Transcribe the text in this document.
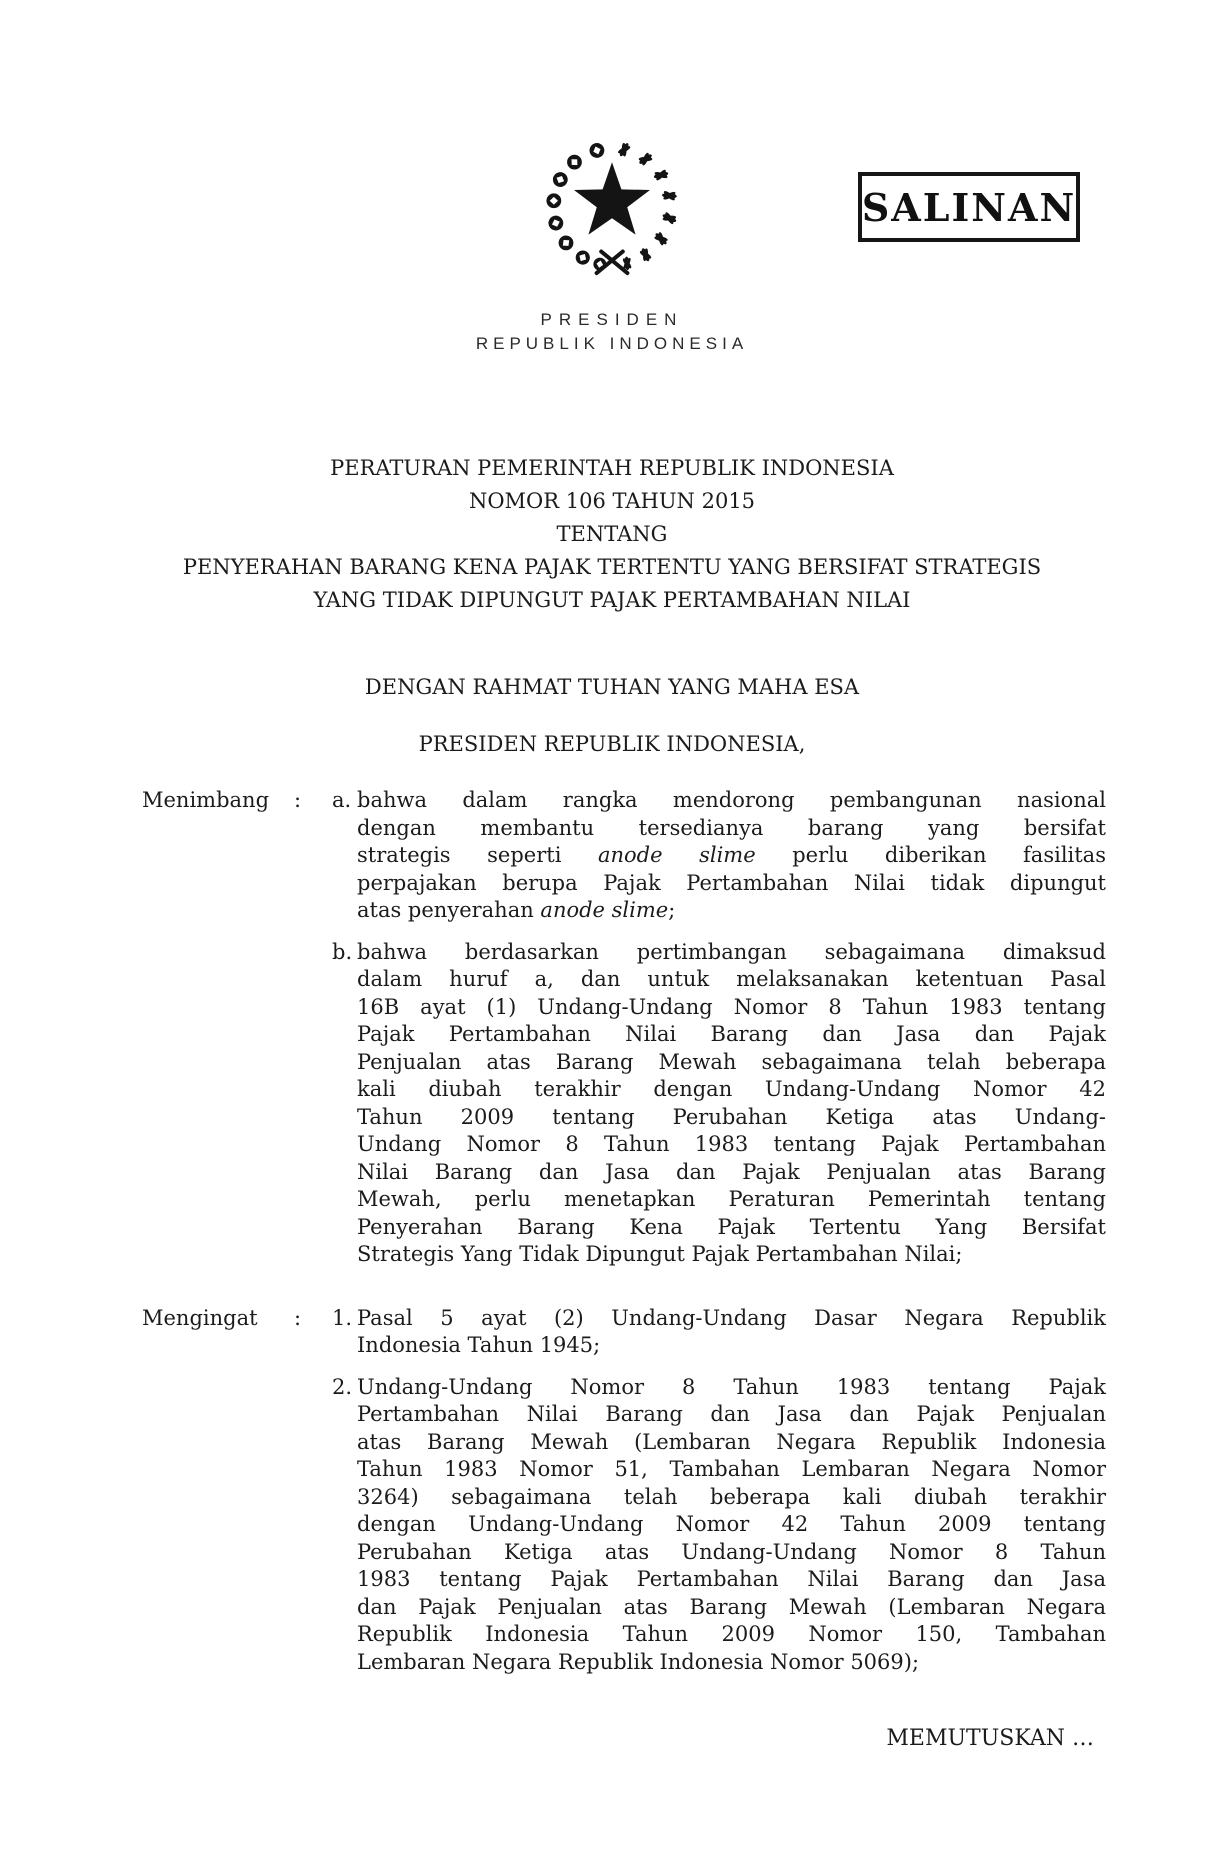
SALINAN
PRESIDEN
REPUBLIK INDONESIA
PERATURAN PEMERINTAH REPUBLIK INDONESIA
NOMOR 106 TAHUN 2015
TENTANG
PENYERAHAN BARANG KENA PAJAK TERTENTU YANG BERSIFAT STRATEGIS
YANG TIDAK DIPUNGUT PAJAK PERTAMBAHAN NILAI
DENGAN RAHMAT TUHAN YANG MAHA ESA
PRESIDEN REPUBLIK INDONESIA,
Menimbang	:	a. bahwa dalam rangka mendorong pembangunan nasional
dengan membantu tersedianya barang yang bersifat
strategis seperti anode slime perlu diberikan fasilitas
perpajakan berupa Pajak Pertambahan Nilai tidak dipungut
atas penyerahan anode slime;
b. bahwa berdasarkan pertimbangan sebagaimana dimaksud
dalam huruf a, dan untuk melaksanakan ketentuan Pasal
16B ayat (1) Undang-Undang Nomor 8 Tahun 1983 tentang
Pajak Pertambahan Nilai Barang dan Jasa dan Pajak
Penjualan atas Barang Mewah sebagaimana telah beberapa
kali diubah terakhir dengan Undang-Undang Nomor 42
Tahun 2009 tentang Perubahan Ketiga atas Undang-
Undang Nomor 8 Tahun 1983 tentang Pajak Pertambahan
Nilai Barang dan Jasa dan Pajak Penjualan atas Barang
Mewah, perlu menetapkan Peraturan Pemerintah tentang
Penyerahan Barang Kena Pajak Tertentu Yang Bersifat
Strategis Yang Tidak Dipungut Pajak Pertambahan Nilai;
Mengingat	:	1. Pasal 5 ayat (2) Undang-Undang Dasar Negara Republik
Indonesia Tahun 1945;
2. Undang-Undang Nomor 8 Tahun 1983 tentang Pajak
Pertambahan Nilai Barang dan Jasa dan Pajak Penjualan
atas Barang Mewah (Lembaran Negara Republik Indonesia
Tahun 1983 Nomor 51, Tambahan Lembaran Negara Nomor
3264) sebagaimana telah beberapa kali diubah terakhir
dengan Undang-Undang Nomor 42 Tahun 2009 tentang
Perubahan Ketiga atas Undang-Undang Nomor 8 Tahun
1983 tentang Pajak Pertambahan Nilai Barang dan Jasa
dan Pajak Penjualan atas Barang Mewah (Lembaran Negara
Republik Indonesia Tahun 2009 Nomor 150, Tambahan
Lembaran Negara Republik Indonesia Nomor 5069);
MEMUTUSKAN …
